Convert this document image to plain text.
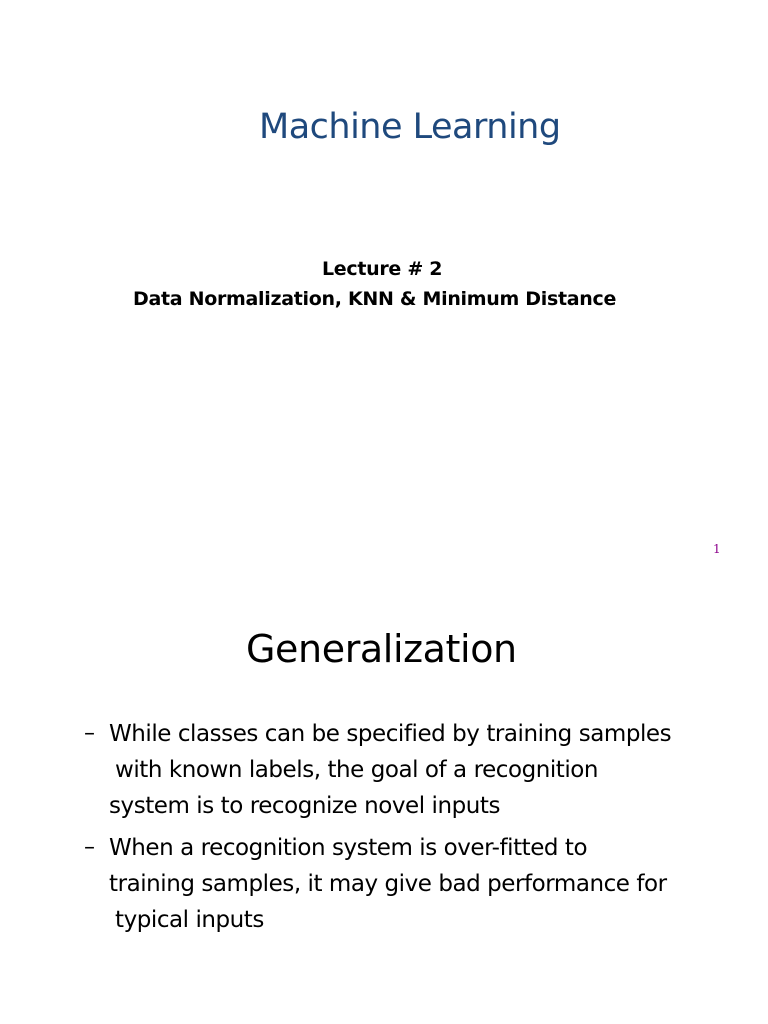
Machine Learning
Lecture # 2
Data Normalization, KNN & Minimum Distance
1
Generalization
– While classes can be specified by training samples
with known labels, the goal of a recognition
system is to recognize novel inputs
– When a recognition system is over-fitted to
training samples, it may give bad performance for
typical inputs
